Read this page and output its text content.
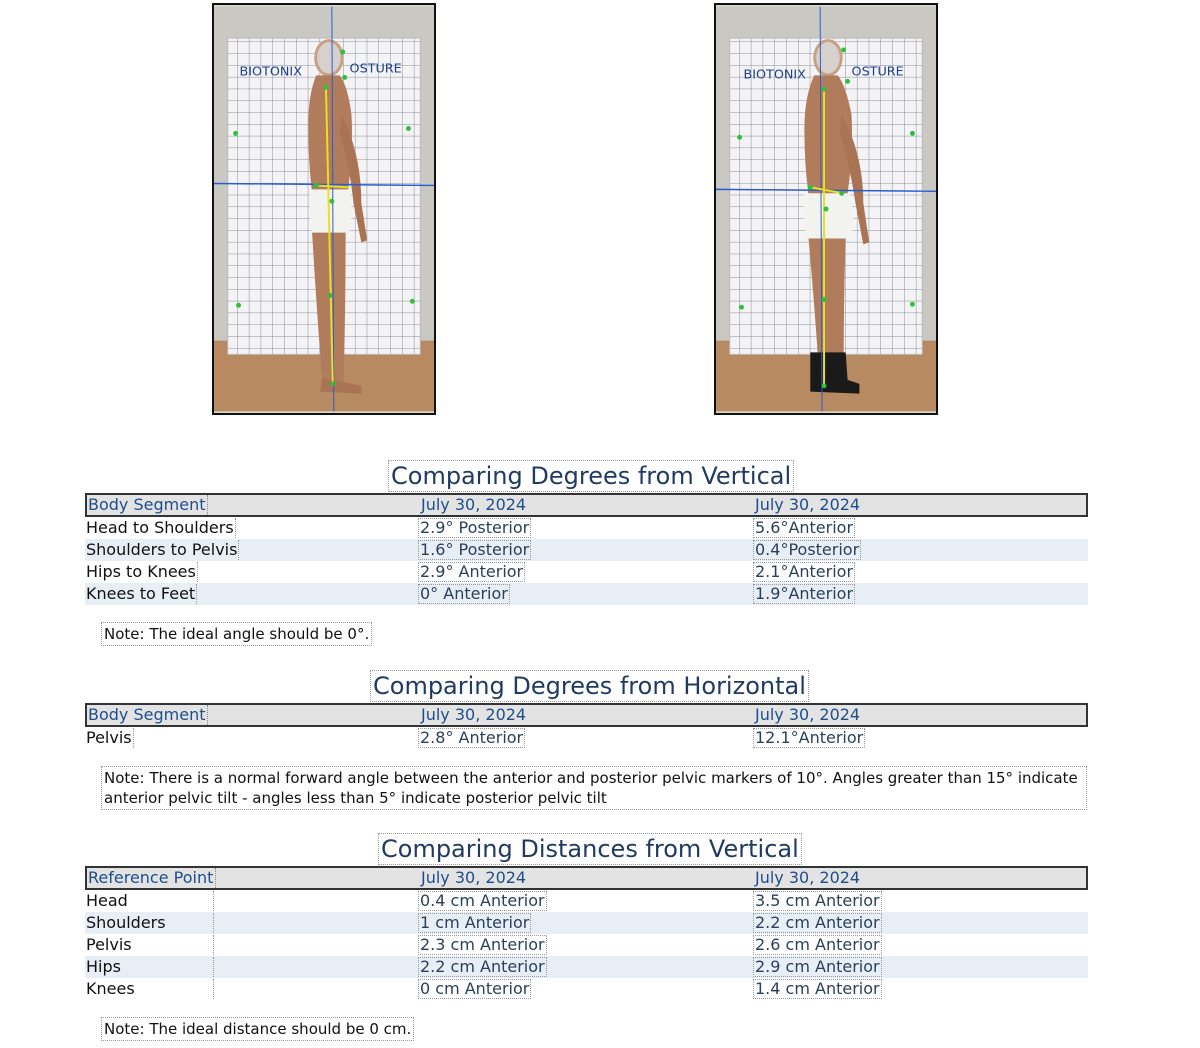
BIOTONIX	OSTURE	BIOTONIX	OSTURE
Comparing Degrees from Vertical
Body Segment	July 30, 2024	July 30, 2024
Head to Shoulders	2.9° Posterior	5.6°Anterior
Shoulders to Pelvis	1.6° Posterior	0.4°Posterior
Hips to Knees	2.9° Anterior	2.1°Anterior
Knees to Feet	0° Anterior	1.9°Anterior
Note: The ideal angle should be 0°.
Comparing Degrees from Horizontal
Body Segment	July 30, 2024	July 30, 2024
Pelvis	2.8° Anterior	12.1°Anterior
Note: There is a normal forward angle between the anterior and posterior pelvic markers of 10°. Angles greater than 15° indicate
anterior pelvic tilt - angles less than 5° indicate posterior pelvic tilt
Comparing Distances from Vertical
Reference Point	July 30, 2024	July 30, 2024
Head	0.4 cm Anterior	3.5 cm Anterior
Shoulders	1 cm Anterior	2.2 cm Anterior
Pelvis	2.3 cm Anterior	2.6 cm Anterior
Hips	2.2 cm Anterior	2.9 cm Anterior
Knees	0 cm Anterior	1.4 cm Anterior
Note: The ideal distance should be 0 cm.
